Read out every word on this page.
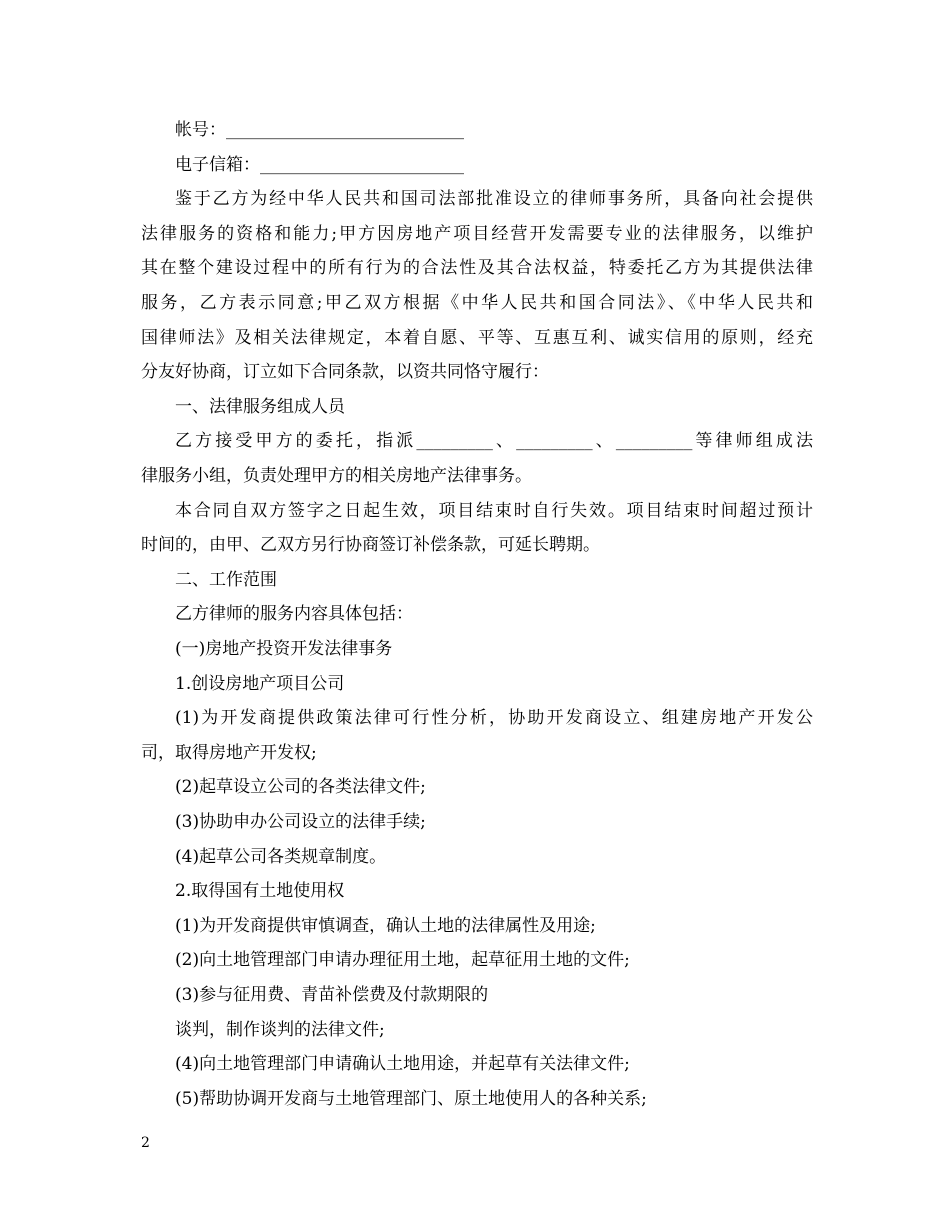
帐号：____________________________
电子信箱：________________________
鉴于乙方为经中华人民共和国司法部批准设立的律师事务所，具备向社会提供
法律服务的资格和能力;甲方因房地产项目经营开发需要专业的法律服务，以维护
其在整个建设过程中的所有行为的合法性及其合法权益，特委托乙方为其提供法律
服务，乙方表示同意;甲乙双方根据《中华人民共和国合同法》、《中华人民共和
国律师法》及相关法律规定，本着自愿、平等、互惠互利、诚实信用的原则，经充
分友好协商，订立如下合同条款，以资共同恪守履行：
一、法律服务组成人员
乙方接受甲方的委托，指派_________、_________、_________等律师组成法
律服务小组，负责处理甲方的相关房地产法律事务。
本合同自双方签字之日起生效，项目结束时自行失效。项目结束时间超过预计
时间的，由甲、乙双方另行协商签订补偿条款，可延长聘期。
二、工作范围
乙方律师的服务内容具体包括：
(一)房地产投资开发法律事务
1.创设房地产项目公司
(1)为开发商提供政策法律可行性分析，协助开发商设立、组建房地产开发公
司，取得房地产开发权;
(2)起草设立公司的各类法律文件;
(3)协助申办公司设立的法律手续;
(4)起草公司各类规章制度。
2.取得国有土地使用权
(1)为开发商提供审慎调查，确认土地的法律属性及用途;
(2)向土地管理部门申请办理征用土地，起草征用土地的文件;
(3)参与征用费、青苗补偿费及付款期限的
谈判，制作谈判的法律文件;
(4)向土地管理部门申请确认土地用途，并起草有关法律文件;
(5)帮助协调开发商与土地管理部门、原土地使用人的各种关系;
2
